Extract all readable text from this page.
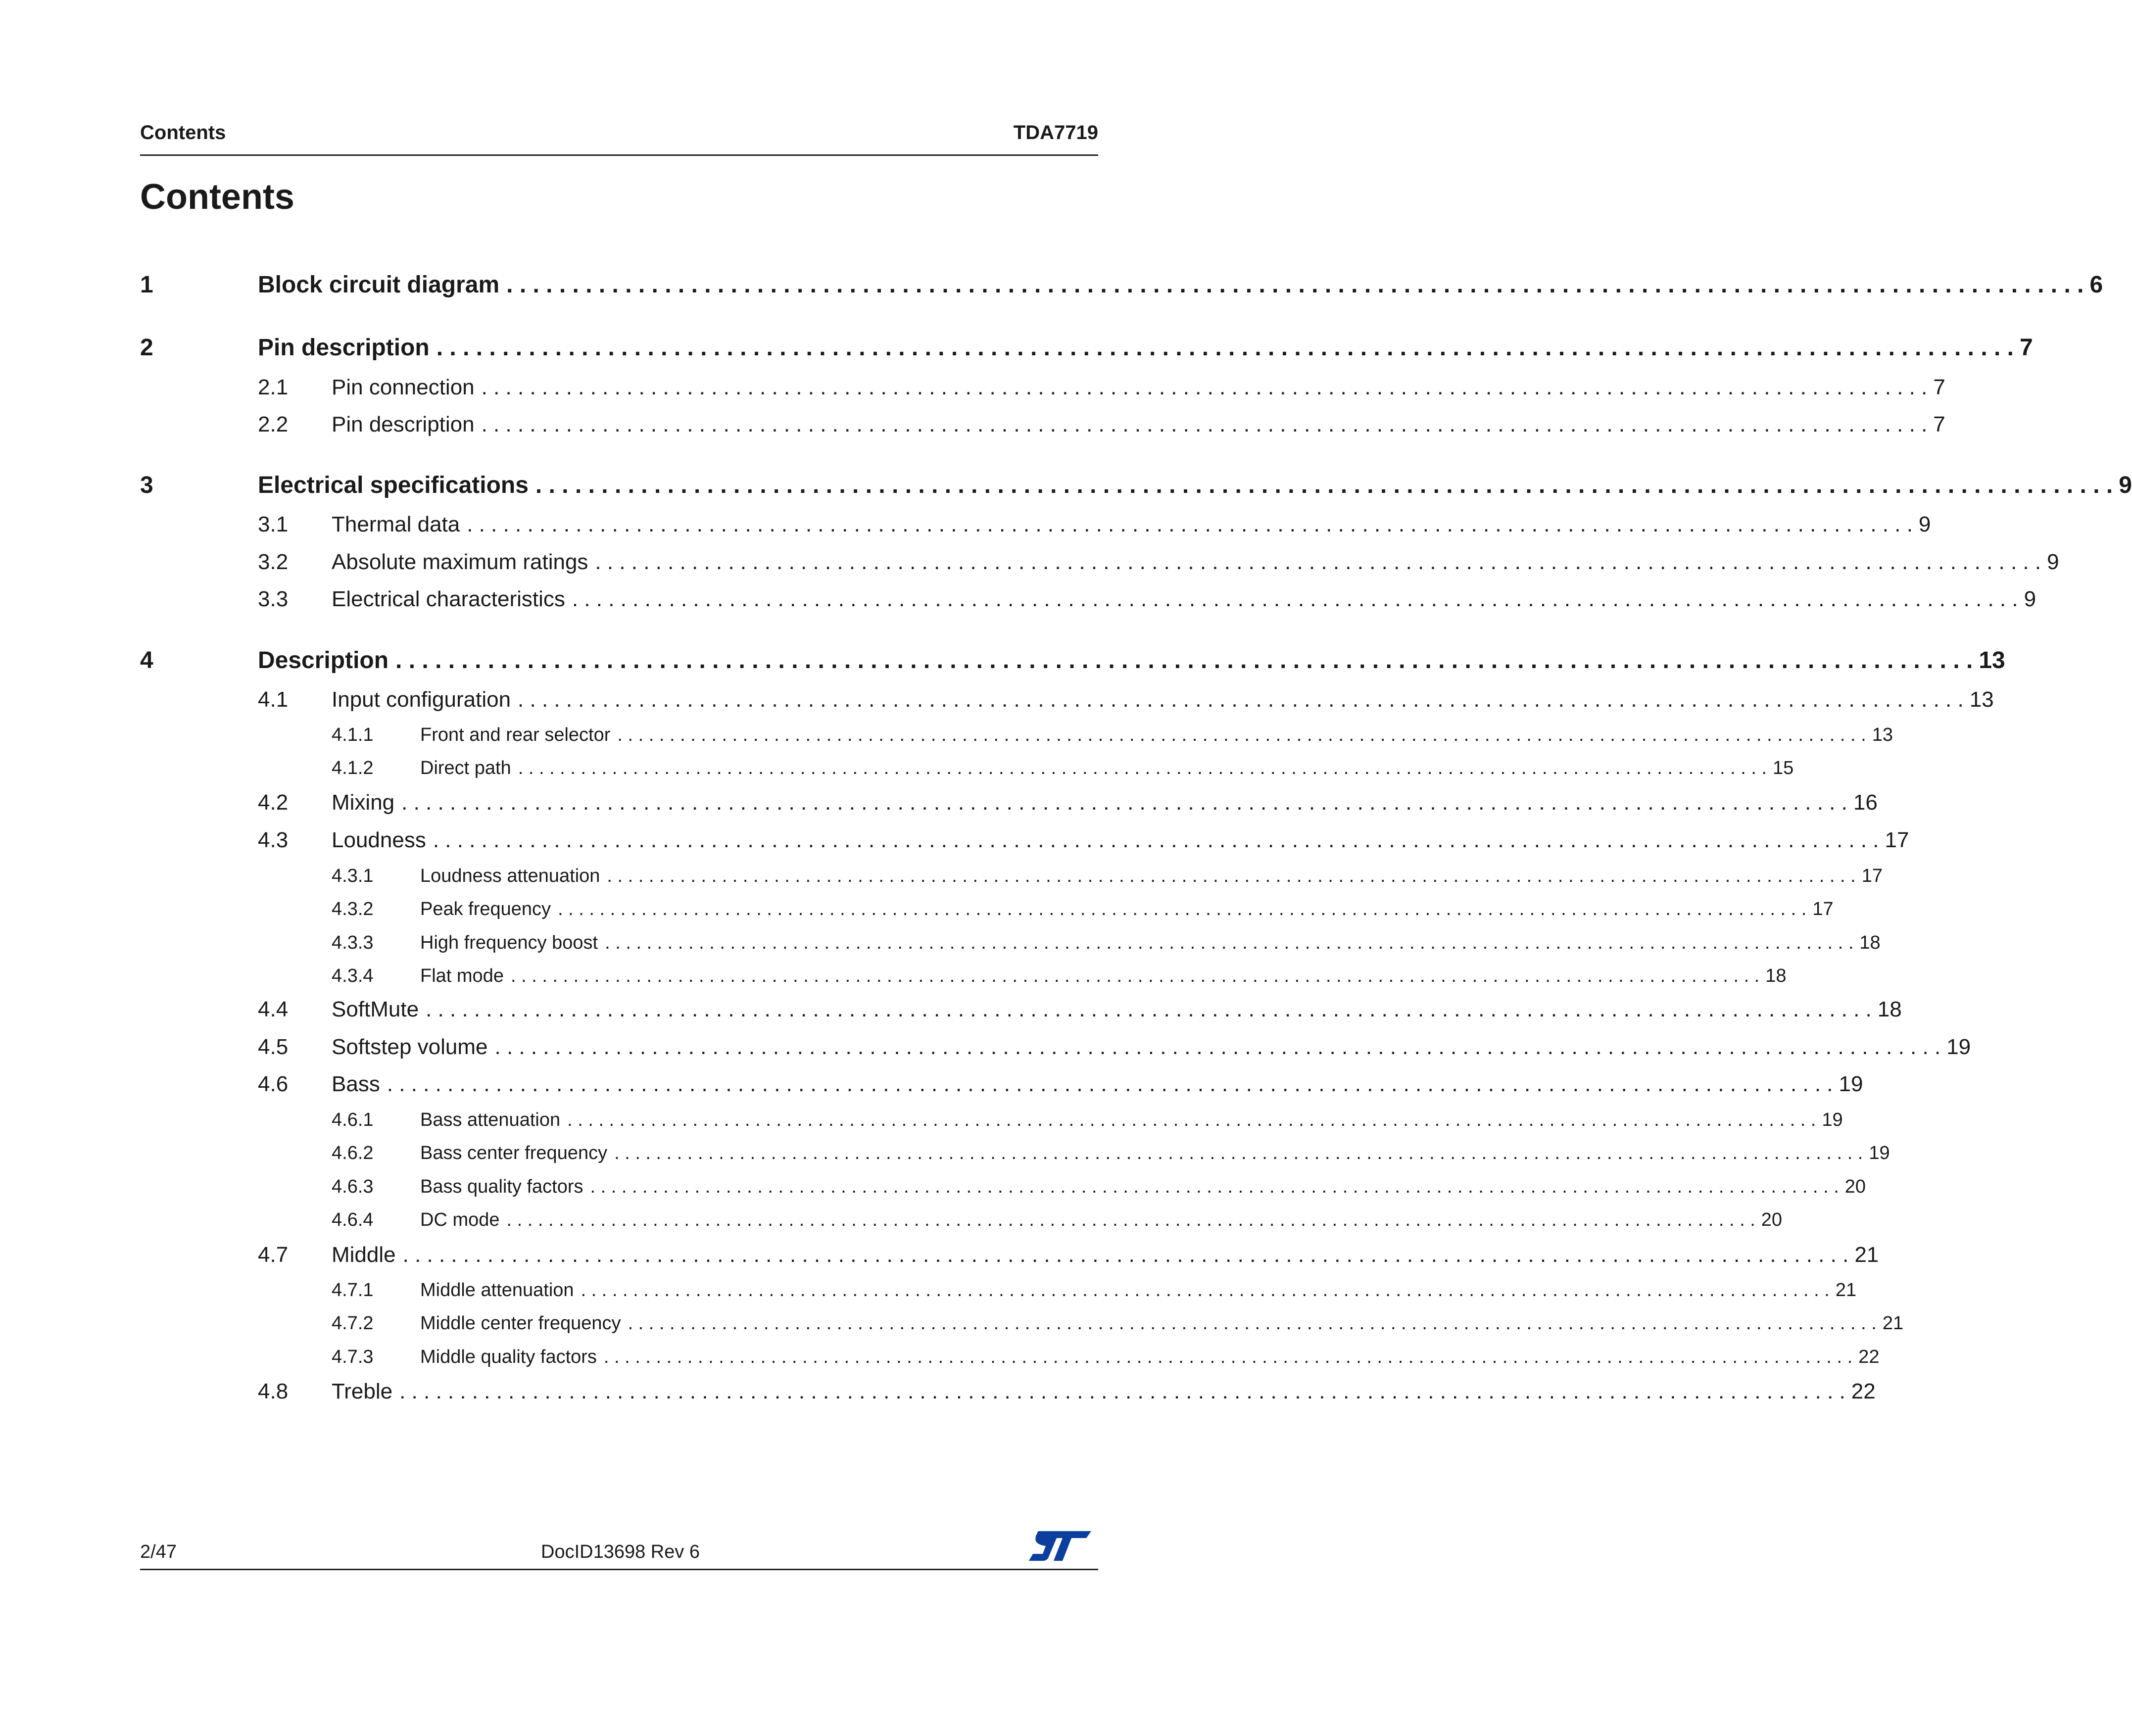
Contents	TDA7719
Contents
1	Block circuit diagram . . . . . . . . . . . . . . . . . . . . . . . . . . . . . . . . . . . . . . . . . . . . . . . . . . . . . . . . . . . . . . . . . . . . . . . . . . . . . . . . . . . . . . . . . . . . . . . . . . . . . . . . . . . . . . . . . . . . . . . . 6
2	Pin description . . . . . . . . . . . . . . . . . . . . . . . . . . . . . . . . . . . . . . . . . . . . . . . . . . . . . . . . . . . . . . . . . . . . . . . . . . . . . . . . . . . . . . . . . . . . . . . . . . . . . . . . . . . . . . . . . . . . . . . . 7
2.1 Pin connection . . . . . . . . . . . . . . . . . . . . . . . . . . . . . . . . . . . . . . . . . . . . . . . . . . . . . . . . . . . . . . . . . . . . . . . . . . . . . . . . . . . . . . . . . . . . . . . . . . . . . . . . . . . . . . . . . . . . . . . . 7
2.2 Pin description . . . . . . . . . . . . . . . . . . . . . . . . . . . . . . . . . . . . . . . . . . . . . . . . . . . . . . . . . . . . . . . . . . . . . . . . . . . . . . . . . . . . . . . . . . . . . . . . . . . . . . . . . . . . . . . . . . . . . . . . 7
3	Electrical specifications . . . . . . . . . . . . . . . . . . . . . . . . . . . . . . . . . . . . . . . . . . . . . . . . . . . . . . . . . . . . . . . . . . . . . . . . . . . . . . . . . . . . . . . . . . . . . . . . . . . . . . . . . . . . . . . . . . . . . . . . 9
3.1 Thermal data . . . . . . . . . . . . . . . . . . . . . . . . . . . . . . . . . . . . . . . . . . . . . . . . . . . . . . . . . . . . . . . . . . . . . . . . . . . . . . . . . . . . . . . . . . . . . . . . . . . . . . . . . . . . . . . . . . . . . . . . 9
3.2 Absolute maximum ratings . . . . . . . . . . . . . . . . . . . . . . . . . . . . . . . . . . . . . . . . . . . . . . . . . . . . . . . . . . . . . . . . . . . . . . . . . . . . . . . . . . . . . . . . . . . . . . . . . . . . . . . . . . . . . . . . . . . . . . . . 9
3.3 Electrical characteristics . . . . . . . . . . . . . . . . . . . . . . . . . . . . . . . . . . . . . . . . . . . . . . . . . . . . . . . . . . . . . . . . . . . . . . . . . . . . . . . . . . . . . . . . . . . . . . . . . . . . . . . . . . . . . . . . . . . . . . . . 9
4	Description . . . . . . . . . . . . . . . . . . . . . . . . . . . . . . . . . . . . . . . . . . . . . . . . . . . . . . . . . . . . . . . . . . . . . . . . . . . . . . . . . . . . . . . . . . . . . . . . . . . . . . . . . . . . . . . . . . . . . . . . 13
4.1 Input configuration . . . . . . . . . . . . . . . . . . . . . . . . . . . . . . . . . . . . . . . . . . . . . . . . . . . . . . . . . . . . . . . . . . . . . . . . . . . . . . . . . . . . . . . . . . . . . . . . . . . . . . . . . . . . . . . . . . . . . . . . 13
4.1.1 Front and rear selector . . . . . . . . . . . . . . . . . . . . . . . . . . . . . . . . . . . . . . . . . . . . . . . . . . . . . . . . . . . . . . . . . . . . . . . . . . . . . . . . . . . . . . . . . . . . . . . . . . . . . . . . . . . . . . . . . . . . . . . . 13
4.1.2 Direct path . . . . . . . . . . . . . . . . . . . . . . . . . . . . . . . . . . . . . . . . . . . . . . . . . . . . . . . . . . . . . . . . . . . . . . . . . . . . . . . . . . . . . . . . . . . . . . . . . . . . . . . . . . . . . . . . . . . . . . . . 15
4.2 Mixing . . . . . . . . . . . . . . . . . . . . . . . . . . . . . . . . . . . . . . . . . . . . . . . . . . . . . . . . . . . . . . . . . . . . . . . . . . . . . . . . . . . . . . . . . . . . . . . . . . . . . . . . . . . . . . . . . . . . . . . . 16
4.3 Loudness . . . . . . . . . . . . . . . . . . . . . . . . . . . . . . . . . . . . . . . . . . . . . . . . . . . . . . . . . . . . . . . . . . . . . . . . . . . . . . . . . . . . . . . . . . . . . . . . . . . . . . . . . . . . . . . . . . . . . . . . 17
4.3.1 Loudness attenuation . . . . . . . . . . . . . . . . . . . . . . . . . . . . . . . . . . . . . . . . . . . . . . . . . . . . . . . . . . . . . . . . . . . . . . . . . . . . . . . . . . . . . . . . . . . . . . . . . . . . . . . . . . . . . . . . . . . . . . . . 17
4.3.2 Peak frequency . . . . . . . . . . . . . . . . . . . . . . . . . . . . . . . . . . . . . . . . . . . . . . . . . . . . . . . . . . . . . . . . . . . . . . . . . . . . . . . . . . . . . . . . . . . . . . . . . . . . . . . . . . . . . . . . . . . . . . . . 17
4.3.3 High frequency boost . . . . . . . . . . . . . . . . . . . . . . . . . . . . . . . . . . . . . . . . . . . . . . . . . . . . . . . . . . . . . . . . . . . . . . . . . . . . . . . . . . . . . . . . . . . . . . . . . . . . . . . . . . . . . . . . . . . . . . . . 18
4.3.4 Flat mode . . . . . . . . . . . . . . . . . . . . . . . . . . . . . . . . . . . . . . . . . . . . . . . . . . . . . . . . . . . . . . . . . . . . . . . . . . . . . . . . . . . . . . . . . . . . . . . . . . . . . . . . . . . . . . . . . . . . . . . . 18
4.4 SoftMute . . . . . . . . . . . . . . . . . . . . . . . . . . . . . . . . . . . . . . . . . . . . . . . . . . . . . . . . . . . . . . . . . . . . . . . . . . . . . . . . . . . . . . . . . . . . . . . . . . . . . . . . . . . . . . . . . . . . . . . . 18
4.5 Softstep volume . . . . . . . . . . . . . . . . . . . . . . . . . . . . . . . . . . . . . . . . . . . . . . . . . . . . . . . . . . . . . . . . . . . . . . . . . . . . . . . . . . . . . . . . . . . . . . . . . . . . . . . . . . . . . . . . . . . . . . . . 19
4.6 Bass . . . . . . . . . . . . . . . . . . . . . . . . . . . . . . . . . . . . . . . . . . . . . . . . . . . . . . . . . . . . . . . . . . . . . . . . . . . . . . . . . . . . . . . . . . . . . . . . . . . . . . . . . . . . . . . . . . . . . . . . 19
4.6.1 Bass attenuation . . . . . . . . . . . . . . . . . . . . . . . . . . . . . . . . . . . . . . . . . . . . . . . . . . . . . . . . . . . . . . . . . . . . . . . . . . . . . . . . . . . . . . . . . . . . . . . . . . . . . . . . . . . . . . . . . . . . . . . . 19
4.6.2 Bass center frequency . . . . . . . . . . . . . . . . . . . . . . . . . . . . . . . . . . . . . . . . . . . . . . . . . . . . . . . . . . . . . . . . . . . . . . . . . . . . . . . . . . . . . . . . . . . . . . . . . . . . . . . . . . . . . . . . . . . . . . . . 19
4.6.3 Bass quality factors . . . . . . . . . . . . . . . . . . . . . . . . . . . . . . . . . . . . . . . . . . . . . . . . . . . . . . . . . . . . . . . . . . . . . . . . . . . . . . . . . . . . . . . . . . . . . . . . . . . . . . . . . . . . . . . . . . . . . . . . 20
4.6.4 DC mode . . . . . . . . . . . . . . . . . . . . . . . . . . . . . . . . . . . . . . . . . . . . . . . . . . . . . . . . . . . . . . . . . . . . . . . . . . . . . . . . . . . . . . . . . . . . . . . . . . . . . . . . . . . . . . . . . . . . . . . . 20
4.7 Middle . . . . . . . . . . . . . . . . . . . . . . . . . . . . . . . . . . . . . . . . . . . . . . . . . . . . . . . . . . . . . . . . . . . . . . . . . . . . . . . . . . . . . . . . . . . . . . . . . . . . . . . . . . . . . . . . . . . . . . . . 21
4.7.1 Middle attenuation . . . . . . . . . . . . . . . . . . . . . . . . . . . . . . . . . . . . . . . . . . . . . . . . . . . . . . . . . . . . . . . . . . . . . . . . . . . . . . . . . . . . . . . . . . . . . . . . . . . . . . . . . . . . . . . . . . . . . . . . 21
4.7.2 Middle center frequency . . . . . . . . . . . . . . . . . . . . . . . . . . . . . . . . . . . . . . . . . . . . . . . . . . . . . . . . . . . . . . . . . . . . . . . . . . . . . . . . . . . . . . . . . . . . . . . . . . . . . . . . . . . . . . . . . . . . . . . . 21
4.7.3 Middle quality factors . . . . . . . . . . . . . . . . . . . . . . . . . . . . . . . . . . . . . . . . . . . . . . . . . . . . . . . . . . . . . . . . . . . . . . . . . . . . . . . . . . . . . . . . . . . . . . . . . . . . . . . . . . . . . . . . . . . . . . . . 22
4.8 Treble . . . . . . . . . . . . . . . . . . . . . . . . . . . . . . . . . . . . . . . . . . . . . . . . . . . . . . . . . . . . . . . . . . . . . . . . . . . . . . . . . . . . . . . . . . . . . . . . . . . . . . . . . . . . . . . . . . . . . . . . 22
2/47	DocID13698 Rev 6
